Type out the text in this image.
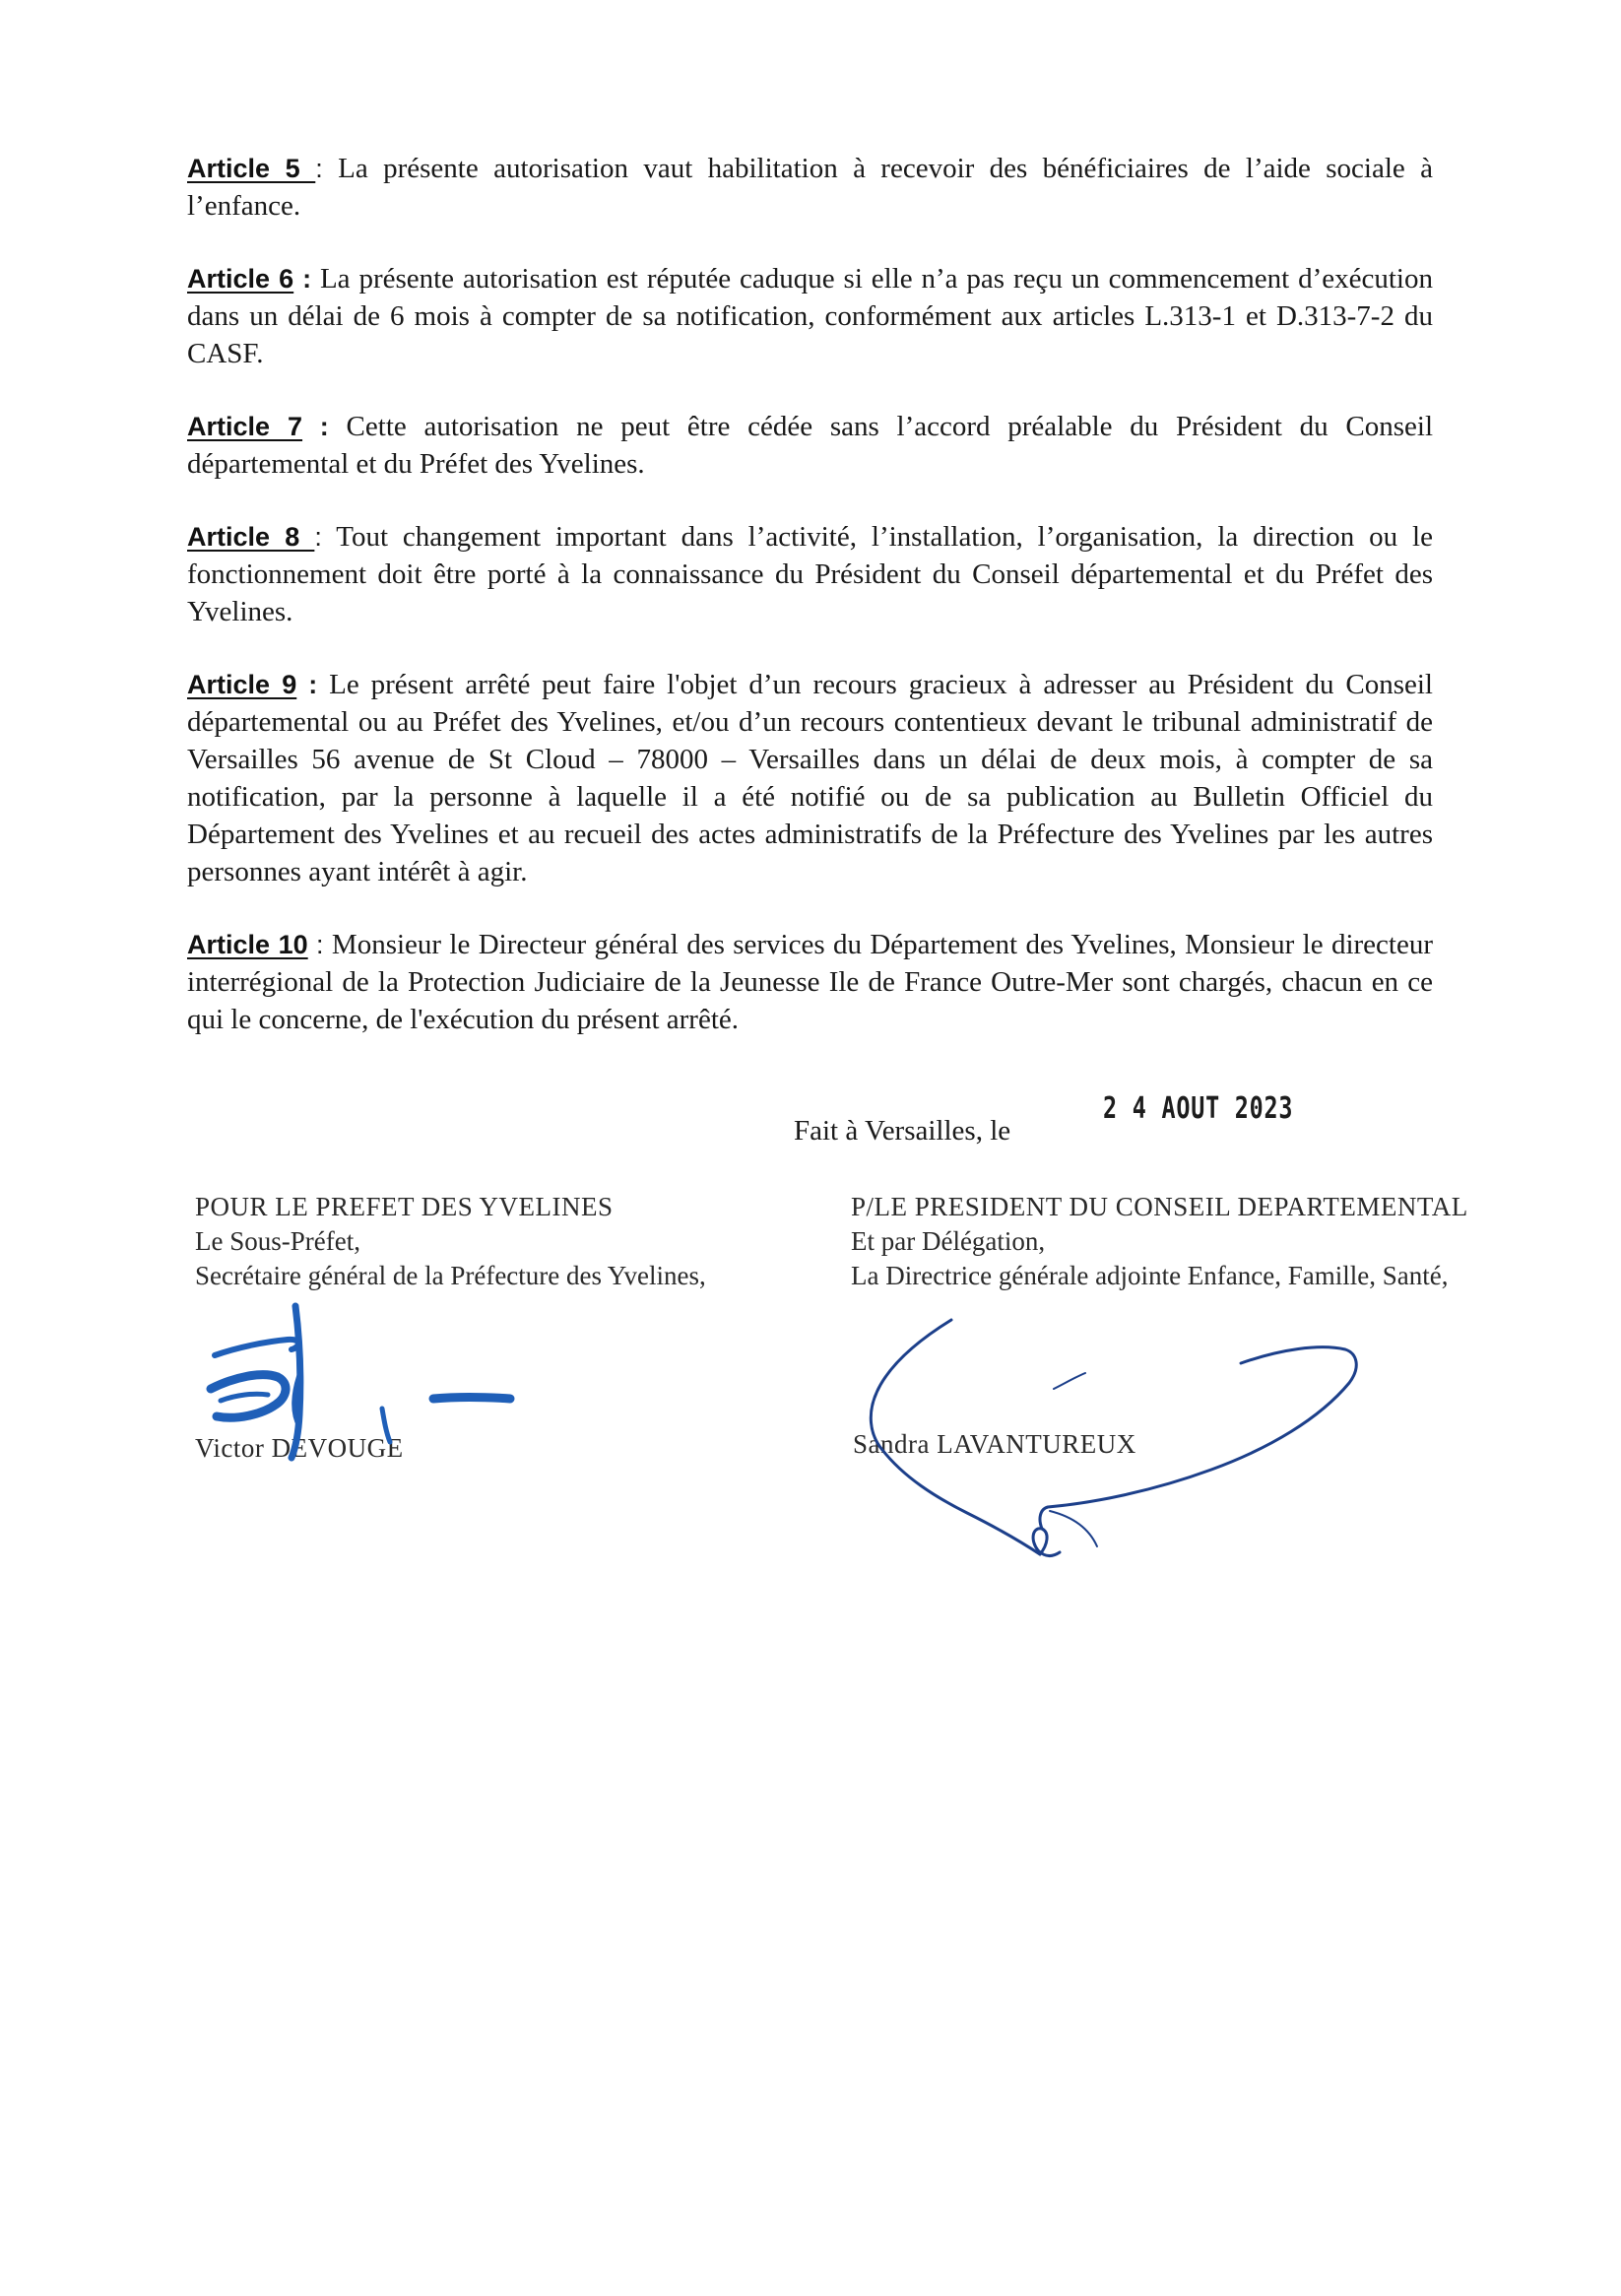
Article 5 : La présente autorisation vaut habilitation à recevoir des bénéficiaires de l’aide sociale à l’enfance.

Article 6 : La présente autorisation est réputée caduque si elle n’a pas reçu un commencement d’exécution dans un délai de 6 mois à compter de sa notification, conformément aux articles L.313-1 et D.313-7-2 du CASF.

Article 7 : Cette autorisation ne peut être cédée sans l’accord préalable du Président du Conseil départemental et du Préfet des Yvelines.

Article 8 : Tout changement important dans l’activité, l’installation, l’organisation, la direction ou le fonctionnement doit être porté à la connaissance du Président du Conseil départemental et du Préfet des Yvelines.

Article 9 : Le présent arrêté peut faire l'objet d’un recours gracieux à adresser au Président du Conseil départemental ou au Préfet des Yvelines, et/ou d’un recours contentieux devant le tribunal administratif de Versailles 56 avenue de St Cloud – 78000 – Versailles dans un délai de deux mois, à compter de sa notification, par la personne à laquelle il a été notifié ou de sa publication au Bulletin Officiel du Département des Yvelines et au recueil des actes administratifs de la Préfecture des Yvelines par les autres personnes ayant intérêt à agir.

Article 10 : Monsieur le Directeur général des services du Département des Yvelines, Monsieur le directeur interrégional de la Protection Judiciaire de la Jeunesse Ile de France Outre-Mer sont chargés, chacun en ce qui le concerne, de l'exécution du présent arrêté.

Fait à Versailles, le
2 4 AOUT 2023
POUR LE PREFET DES YVELINES
Le Sous-Préfet,
Secrétaire général de la Préfecture des Yvelines,
P/LE PRESIDENT DU CONSEIL DEPARTEMENTAL
Et par Délégation,
La Directrice générale adjointe Enfance, Famille, Santé,
Victor DEVOUGE	Sandra LAVANTUREUX
